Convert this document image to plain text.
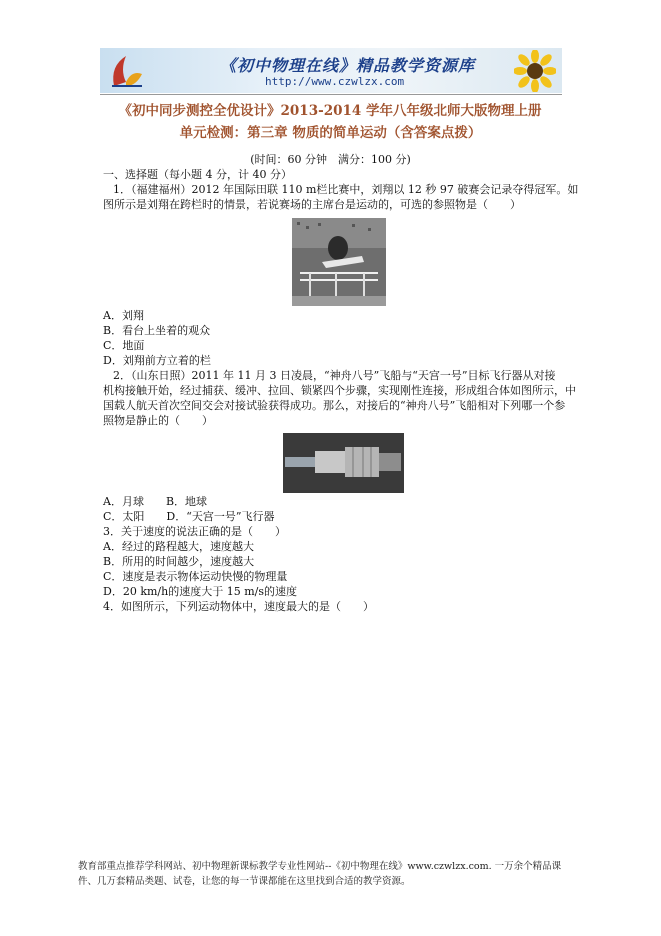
《初中物理在线》精品教学资源库
http://www.czwlzx.com
《初中同步测控全优设计》2013-2014 学年八年级北师大版物理上册
单元检测：第三章 物质的简单运动（含答案点拨）
(时间：60 分钟　满分：100 分)
一、选择题（每小题 4 分，计 40 分）
1．（福建福州）2012 年国际田联 110 m栏比赛中，刘翔以 12 秒 97 破赛会记录夺得冠军。如
图所示是刘翔在跨栏时的情景，若说赛场的主席台是运动的，可选的参照物是（　　）
A．刘翔
B．看台上坐着的观众
C．地面
D．刘翔前方立着的栏
2．（山东日照）2011 年 11 月 3 日凌晨，“神舟八号”飞船与“天宫一号”目标飞行器从对接
机构接触开始，经过捕获、缓冲、拉回、锁紧四个步骤，实现刚性连接，形成组合体如图所示，中
国载人航天首次空间交会对接试验获得成功。那么，对接后的“神舟八号”飞船相对下列哪一个参
照物是静止的（　　）
A．月球　　B．地球
C．太阳　　D．“天宫一号”飞行器
3．关于速度的说法正确的是（　　）
A．经过的路程越大，速度越大
B．所用的时间越少，速度越大
C．速度是表示物体运动快慢的物理量
D．20 km/h的速度大于 15 m/s的速度
4．如图所示，下列运动物体中，速度最大的是（　　）
教育部重点推荐学科网站、初中物理新课标教学专业性网站--《初中物理在线》www.czwlzx.com. 一万余个精品课
件、几万套精品类题、试卷，让您的每一节课都能在这里找到合适的教学资源。
